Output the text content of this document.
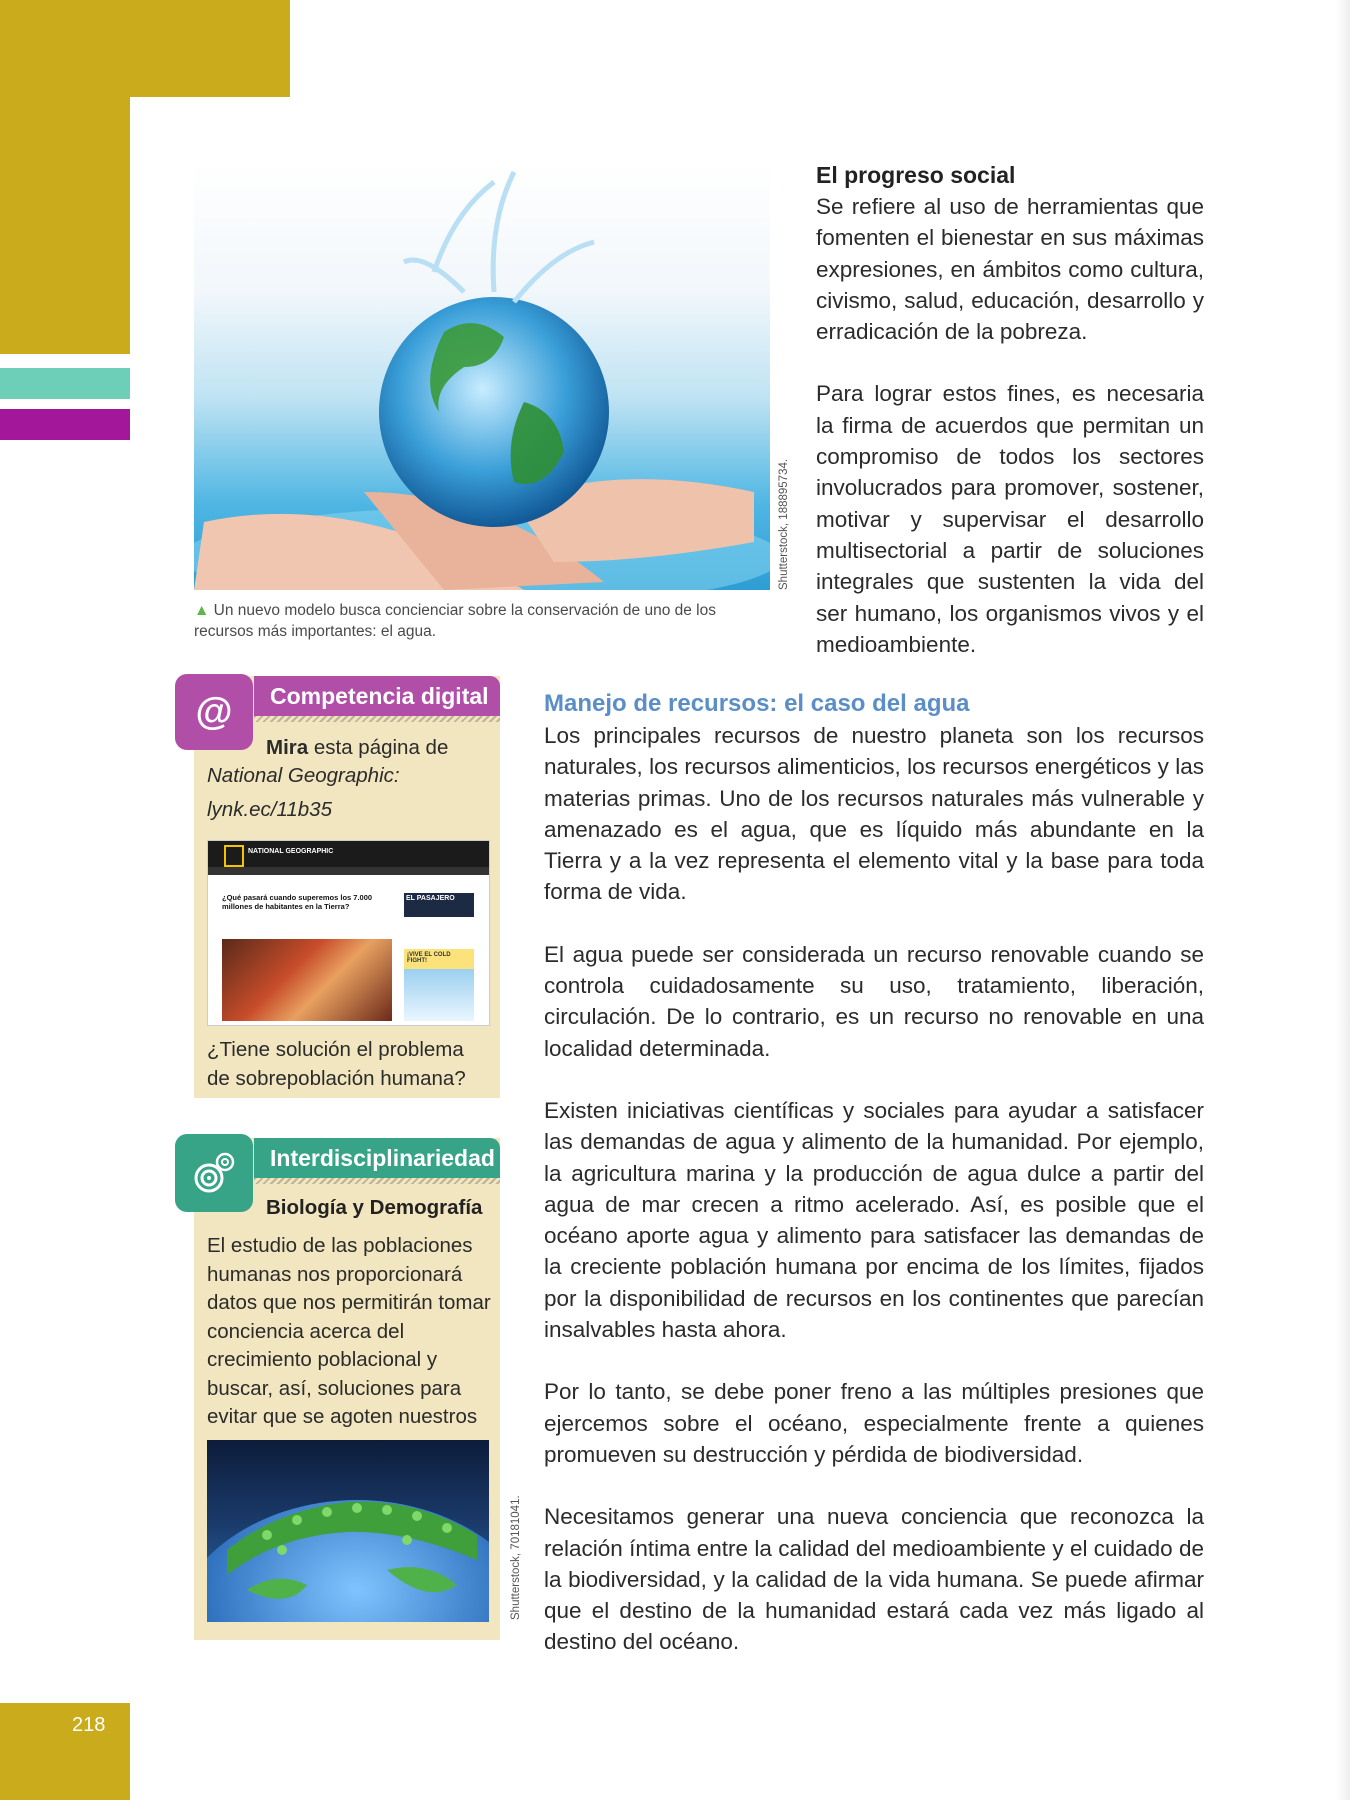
218
Shutterstock, 188895734.
▲ Un nuevo modelo busca concienciar sobre la conservación de uno de los recursos más importantes: el agua.
El progreso social

Se refiere al uso de herramientas que fomenten el bienestar en sus máximas expresiones, en ámbitos como cultura, civismo, salud, educación, desarrollo y erradicación de la pobreza.

Para lograr estos fines, es necesaria la firma de acuerdos que permitan un compromiso de todos los sectores involucrados para promover, sostener, motivar y supervisar el desarrollo multisectorial a partir de soluciones integrales que sustenten la vida del ser humano, los organismos vivos y el medioambiente.

Competencia digital
Mira esta página de
National Geographic:
lynk.ec/11b35
NATIONAL GEOGRAPHIC
¿Qué pasará cuando superemos los 7.000 millones de habitantes en la Tierra?
EL PASAJERO
¡VIVE EL COLD FIGHT!
¿Tiene solución el problema de sobrepoblación humana?
@
Interdisciplinariedad
Biología y Demografía
El estudio de las poblaciones humanas nos proporcionará datos que nos permitirán tomar conciencia acerca del crecimiento poblacional y buscar, así, soluciones para evitar que se agoten nuestros
Shutterstock, 70181041.
Manejo de recursos: el caso del agua

Los principales recursos de nuestro planeta son los recursos naturales, los recursos alimenticios, los recursos energéticos y las materias primas. Uno de los recursos naturales más vulnerable y amenazado es el agua, que es líquido más abundante en la Tierra y a la vez representa el elemento vital y la base para toda forma de vida.

El agua puede ser considerada un recurso renovable cuando se controla cuidadosamente su uso, tratamiento, liberación, circulación. De lo contrario, es un recurso no renovable en una localidad determinada.

Existen iniciativas científicas y sociales para ayudar a satisfacer las demandas de agua y alimento de la humanidad. Por ejemplo, la agricultura marina y la producción de agua dulce a partir del agua de mar crecen a ritmo acelerado. Así, es posible que el océano aporte agua y alimento para satisfacer las demandas de la creciente población humana por encima de los límites, fijados por la disponibilidad de recursos en los continentes que parecían insalvables hasta ahora.

Por lo tanto, se debe poner freno a las múltiples presiones que ejercemos sobre el océano, especialmente frente a quienes promueven su destrucción y pérdida de biodiversidad.

Necesitamos generar una nueva conciencia que reconozca la relación íntima entre la calidad del medioambiente y el cuidado de la biodiversidad, y la calidad de la vida humana. Se puede afirmar que el destino de la humanidad estará cada vez más ligado al destino del océano.
